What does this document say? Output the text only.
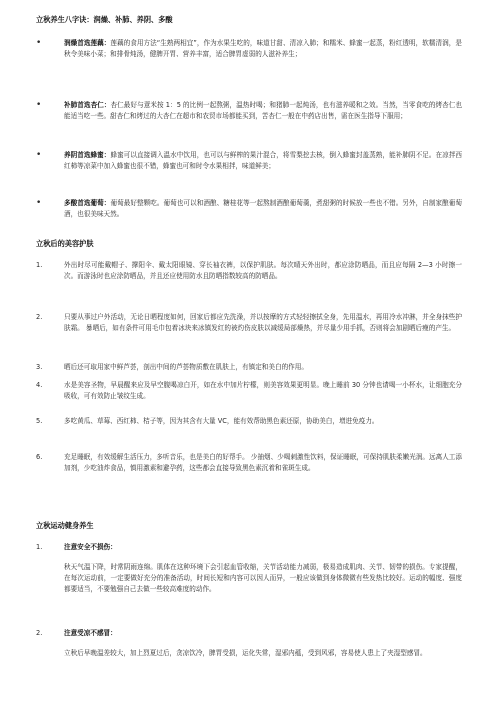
立秋养生八字诀：润燥、补肺、养阴、多酸
•	润燥首选莲藕：莲藕的食用方法“生熟两相宜”，作为水果生吃的，味道甘甜、清凉入肺；和糯米、蜂蜜一起蒸，粉红透明，软糯清润，是秋令美味小菜；和排骨炖汤，健脾开胃、营养丰富，适合脾胃虚弱的人滋补养生；
•	补肺首选杏仁：杏仁最好与薏米按 1：5 的比例一起熬粥，温热时喝；和猪肺一起炖汤，也有滋养暖和之效。当然，当零食吃的烤杏仁也能适当吃一些。甜杏仁和烤过的大杏仁在超市和农贸市场都能买到，苦杏仁一般在中药店出售，需在医生指导下服用；
•	养阴首选蜂蜜：蜂蜜可以直接调入温水中饮用，也可以与鲜榨的果汁混合，将雪梨挖去核，倒入蜂蜜封盖蒸熟，能补肺阴不足。在凉拌西红柿等凉菜中加入蜂蜜也很不错，蜂蜜也可和时令水果相拌，味道鲜美；
•	多酸首选葡萄：葡萄最好整颗吃。葡萄也可以和酒酿、糖桂花等一起熬制酒酿葡萄羹，煮甜粥的时候放一些也不错。另外，自制家酿葡萄酒，也很美味天然。
立秋后的美容护肤
1.	外出时尽可能戴帽子、撑阳伞、戴太阳眼镜、穿长袖衣裤，以保护肌肤。每次晴天外出时，都应涂防晒品，而且应每隔 2—3 小时擦一次。而游泳时也应涂防晒品，并且还应使用防水且防晒指数较高的防晒品。
2.	只要从事过户外活动，无论日晒程度如何，回家后都应先洗澡，并以按摩的方式轻轻擦拭全身，先用温水，再用冷水冲淋，并全身抹些护肤霜。 暴晒后，如有条件可用毛巾包着冰块来冰镇发红的被灼伤皮肤以减缓局部燥热，并尽量少用手抓，否则将会加剧晒后瘦的产生。
3.	晒后还可取用家中鲜芦荟，剖出中间的芦荟物质敷在肌肤上，有镇定和美白的作用。
4.	水是美容圣物，早晨醒来应及早空腹喝凉白开，如在水中加片柠檬，则美容效果更明显。晚上睡前 30 分钟也请喝一小杯水，让细胞充分吸收，可有效防止皱纹生成。
5.	多吃黄瓜、草莓、西红柿、桔子等，因为其含有大量 VC，能有效帮助黑色素还原，协助美白，增进免疫力。
6.	充足睡眠，有效缓解生活压力，多听音乐，也是美白的好帮手。 少抽烟、少喝刺激性饮料，保证睡眠，可保持肌肤柔嫩光润。远离人工添加剂，少吃油炸食品，慎用激素和避孕药，这些都会直接导致黑色素沉着和雀斑生成。
立秋运动健身养生
1.	注意安全不损伤：
秋天气温下降，时常阴雨连绵。肌体在这种环境下会引起血管收缩，关节活动能力减弱，极易造成肌肉、关节、韧带的损伤。专家提醒，在每次运动前，一定要做好充分的准备活动，时间长短和内容可以因人而异，一般应该做到身体微微有些发热比较好。运动的幅度、强度都要适当，不要勉强自己去做一些较高难度的动作。
2.	注意受凉不感冒：
立秋后早晚温差较大，加上烈夏过后，贪凉饮冷，脾胃受损，运化失常，湿邪内蕴，受到风邪，容易使人患上了夹湿型感冒。
